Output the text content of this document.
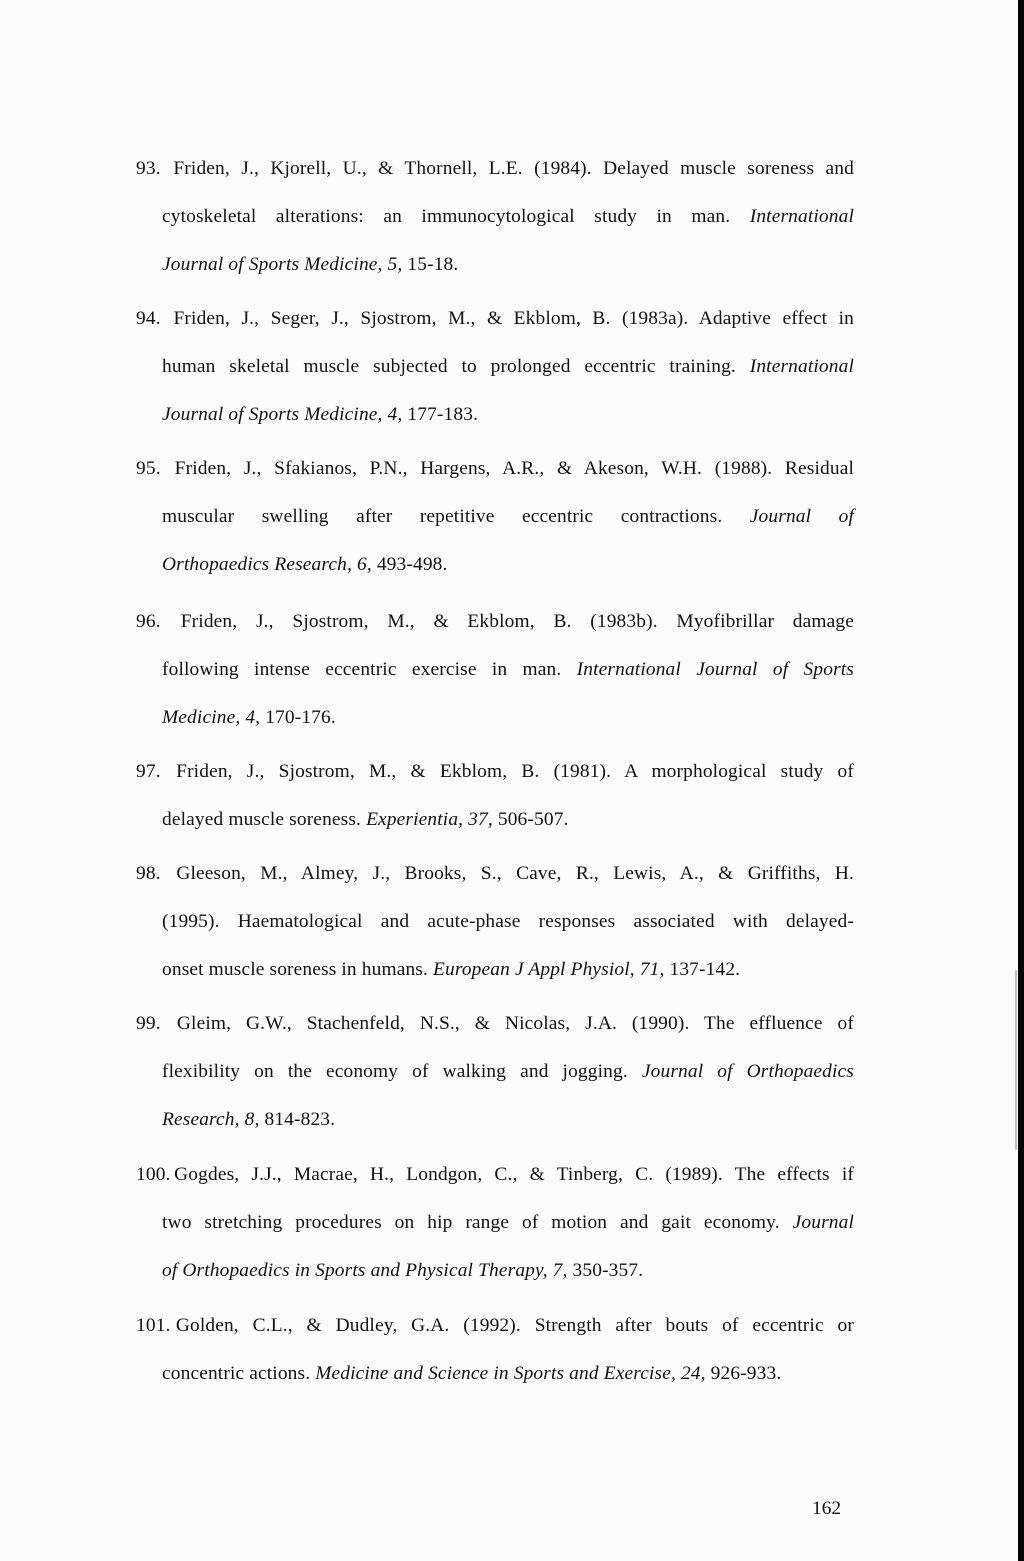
93. Friden, J., Kjorell, U., & Thornell, L.E. (1984). Delayed muscle soreness and
cytoskeletal alterations: an immunocytological study in man. International
Journal of Sports Medicine, 5, 15-18.
94. Friden, J., Seger, J., Sjostrom, M., & Ekblom, B. (1983a). Adaptive effect in
human skeletal muscle subjected to prolonged eccentric training. International
Journal of Sports Medicine, 4, 177-183.
95. Friden, J., Sfakianos, P.N., Hargens, A.R., & Akeson, W.H. (1988). Residual
muscular swelling after repetitive eccentric contractions. Journal of
Orthopaedics Research, 6, 493-498.
96. Friden, J., Sjostrom, M., & Ekblom, B. (1983b). Myofibrillar damage
following intense eccentric exercise in man. International Journal of Sports
Medicine, 4, 170-176.
97. Friden, J., Sjostrom, M., & Ekblom, B. (1981). A morphological study of
delayed muscle soreness. Experientia, 37, 506-507.
98. Gleeson, M., Almey, J., Brooks, S., Cave, R., Lewis, A., & Griffiths, H.
(1995). Haematological and acute-phase responses associated with delayed-
onset muscle soreness in humans. European J Appl Physiol, 71, 137-142.
99. Gleim, G.W., Stachenfeld, N.S., & Nicolas, J.A. (1990). The effluence of
flexibility on the economy of walking and jogging. Journal of Orthopaedics
Research, 8, 814-823.
100. Gogdes, J.J., Macrae, H., Londgon, C., & Tinberg, C. (1989). The effects if
two stretching procedures on hip range of motion and gait economy. Journal
of Orthopaedics in Sports and Physical Therapy, 7, 350-357.
101. Golden, C.L., & Dudley, G.A. (1992). Strength after bouts of eccentric or
concentric actions. Medicine and Science in Sports and Exercise, 24, 926-933.
162
